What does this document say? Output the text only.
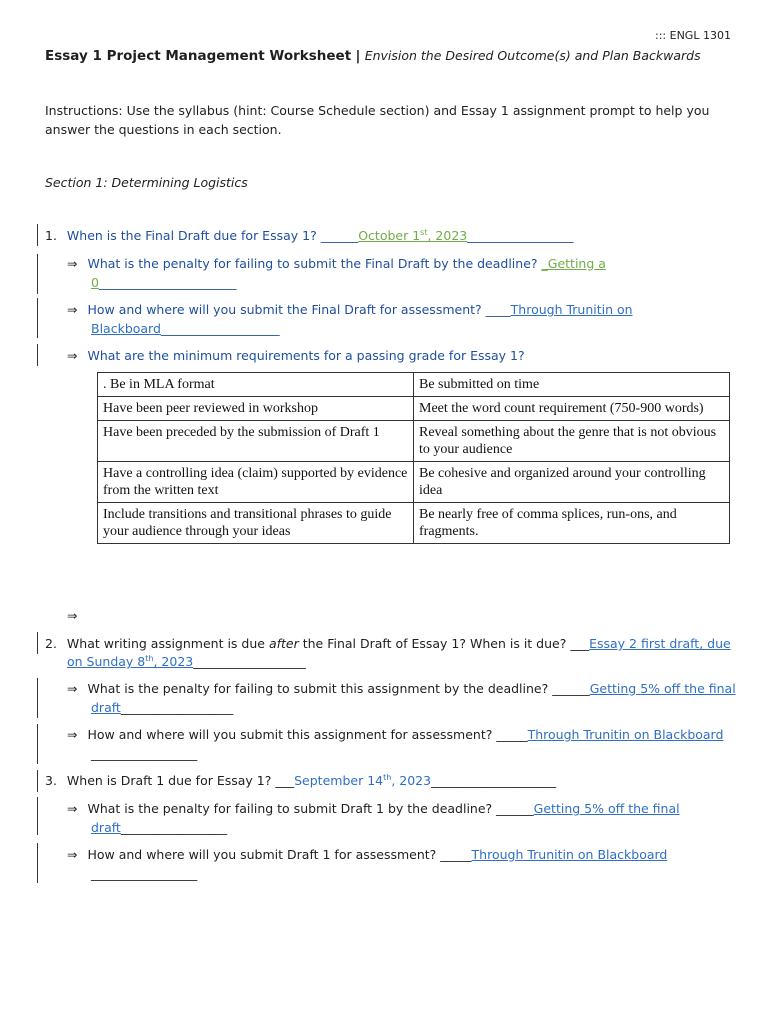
::: ENGL 1301
Essay 1 Project Management Worksheet | Envision the Desired Outcome(s) and Plan Backwards
Instructions: Use the syllabus (hint: Course Schedule section) and Essay 1 assignment prompt to help you
answer the questions in each section.
Section 1: Determining Logistics
1. When is the Final Draft due for Essay 1? ______October 1st, 2023_________________
⇒ What is the penalty for failing to submit the Final Draft by the deadline? _Getting a
0______________________
⇒ How and where will you submit the Final Draft for assessment? ____Through Trunitin on
Blackboard___________________
⇒ What are the minimum requirements for a passing grade for Essay 1?
. Be in MLA format	Be submitted on time
Have been peer reviewed in workshop	Meet the word count requirement (750-900 words)
Have been preceded by the submission of Draft 1	Reveal something about the genre that is not obvious to your audience
Have a controlling idea (claim) supported by evidence from the written text	Be cohesive and organized around your controlling idea
Include transitions and transitional phrases to guide your audience through your ideas	Be nearly free of comma splices, run-ons, and fragments.
⇒
2. What writing assignment is due after the Final Draft of Essay 1? When is it due? ___Essay 2 first draft, due
on Sunday 8th, 2023__________________
⇒ What is the penalty for failing to submit this assignment by the deadline? ______Getting 5% off the final
draft__________________
⇒ How and where will you submit this assignment for assessment? _____Through Trunitin on Blackboard
_________________
3. When is Draft 1 due for Essay 1? ___September 14th, 2023____________________
⇒ What is the penalty for failing to submit Draft 1 by the deadline? ______Getting 5% off the final
draft_________________
⇒ How and where will you submit Draft 1 for assessment? _____Through Trunitin on Blackboard
_________________
